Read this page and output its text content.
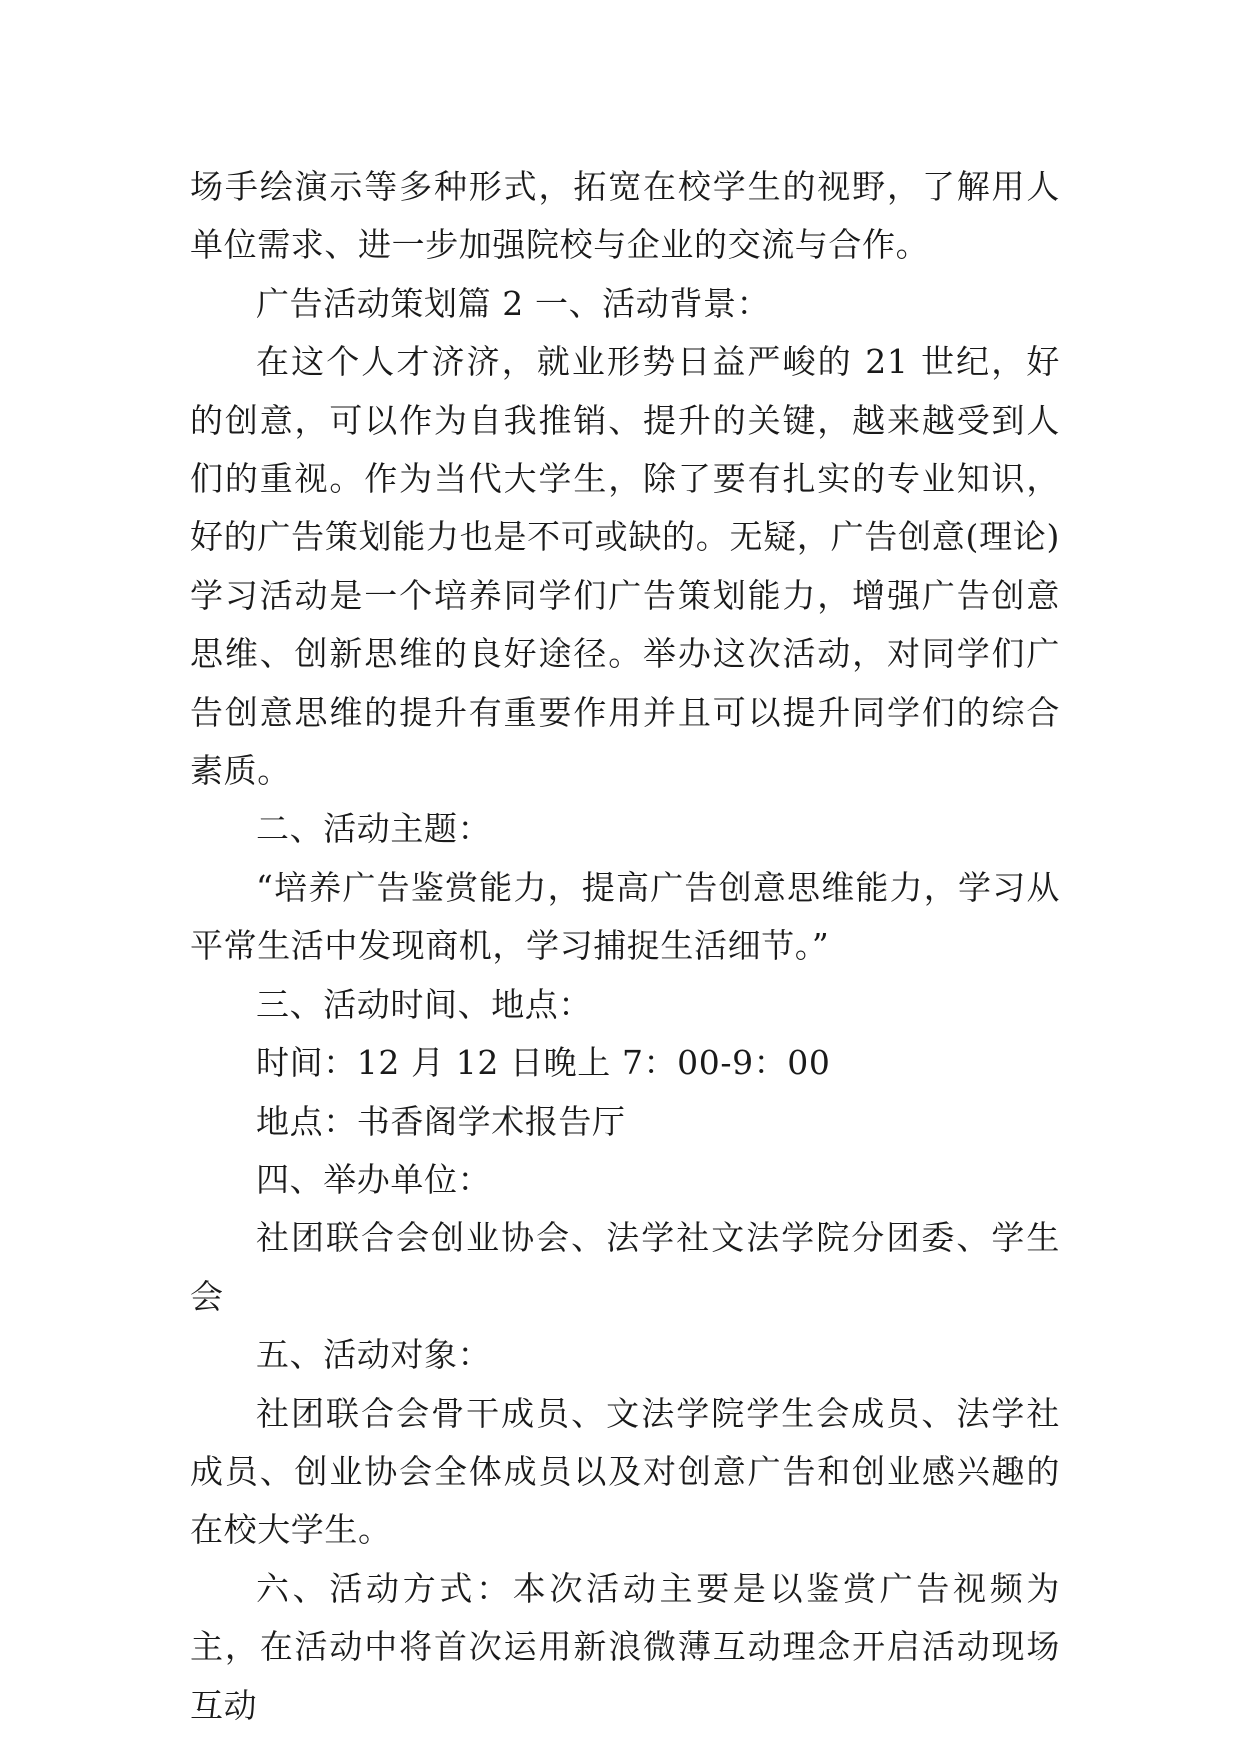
场手绘演示等多种形式，拓宽在校学生的视野，了解用人单位需求、进一步加强院校与企业的交流与合作。

广告活动策划篇 2 一、活动背景：

在这个人才济济，就业形势日益严峻的 21 世纪，好的创意，可以作为自我推销、提升的关键，越来越受到人们的重视。作为当代大学生，除了要有扎实的专业知识，好的广告策划能力也是不可或缺的。无疑，广告创意(理论)学习活动是一个培养同学们广告策划能力，增强广告创意思维、创新思维的良好途径。举办这次活动，对同学们广告创意思维的提升有重要作用并且可以提升同学们的综合素质。

二、活动主题：

“培养广告鉴赏能力，提高广告创意思维能力，学习从平常生活中发现商机，学习捕捉生活细节。”

三、活动时间、地点：

时间：12 月 12 日晚上 7：00-9：00

地点：书香阁学术报告厅

四、举办单位：

社团联合会创业协会、法学社文法学院分团委、学生会

五、活动对象：

社团联合会骨干成员、文法学院学生会成员、法学社成员、创业协会全体成员以及对创意广告和创业感兴趣的在校大学生。

六、活动方式：本次活动主要是以鉴赏广告视频为主，在活动中将首次运用新浪微薄互动理念开启活动现场互动
